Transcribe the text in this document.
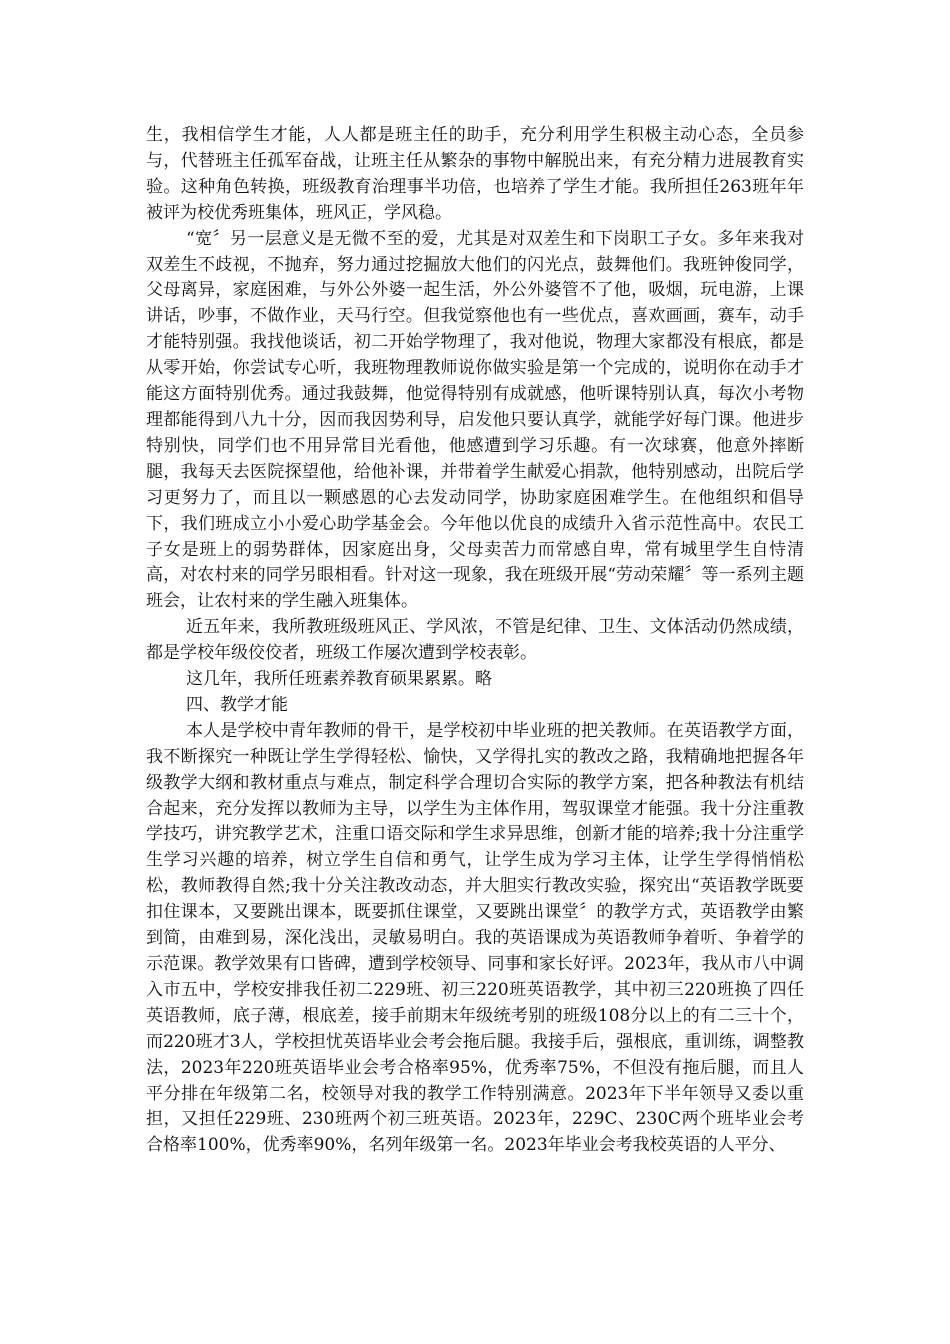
生，我相信学生才能，人人都是班主任的助手，充分利用学生积极主动心态，全员参与，代替班主任孤军奋战，让班主任从繁杂的事物中解脱出来，有充分精力进展教育实验。这种角色转换，班级教育治理事半功倍，也培养了学生才能。我所担任263班年年被评为校优秀班集体，班风正，学风稳。

“宽〞另一层意义是无微不至的爱，尤其是对双差生和下岗职工子女。多年来我对双差生不歧视，不抛弃，努力通过挖掘放大他们的闪光点，鼓舞他们。我班钟俊同学，父母离异，家庭困难，与外公外婆一起生活，外公外婆管不了他，吸烟，玩电游，上课讲话，吵事，不做作业，天马行空。但我觉察他也有一些优点，喜欢画画，赛车，动手才能特别强。我找他谈话，初二开始学物理了，我对他说，物理大家都没有根底，都是从零开始，你尝试专心听，我班物理教师说你做实验是第一个完成的，说明你在动手才能这方面特别优秀。通过我鼓舞，他觉得特别有成就感，他听课特别认真，每次小考物理都能得到八九十分，因而我因势利导，启发他只要认真学，就能学好每门课。他进步特别快，同学们也不用异常目光看他，他感遭到学习乐趣。有一次球赛，他意外摔断腿，我每天去医院探望他，给他补课，并带着学生献爱心捐款，他特别感动，出院后学习更努力了，而且以一颗感恩的心去发动同学，协助家庭困难学生。在他组织和倡导下，我们班成立小小爱心助学基金会。今年他以优良的成绩升入省示范性高中。农民工子女是班上的弱势群体，因家庭出身，父母卖苦力而常感自卑，常有城里学生自恃清高，对农村来的同学另眼相看。针对这一现象，我在班级开展“劳动荣耀〞等一系列主题班会，让农村来的学生融入班集体。

近五年来，我所教班级班风正、学风浓，不管是纪律、卫生、文体活动仍然成绩，都是学校年级佼佼者，班级工作屡次遭到学校表彰。

这几年，我所任班素养教育硕果累累。略

四、教学才能

本人是学校中青年教师的骨干，是学校初中毕业班的把关教师。在英语教学方面，我不断探究一种既让学生学得轻松、愉快，又学得扎实的教改之路，我精确地把握各年级教学大纲和教材重点与难点，制定科学合理切合实际的教学方案，把各种教法有机结合起来，充分发挥以教师为主导，以学生为主体作用，驾驭课堂才能强。我十分注重教学技巧，讲究教学艺术，注重口语交际和学生求异思维，创新才能的培养;我十分注重学生学习兴趣的培养，树立学生自信和勇气，让学生成为学习主体，让学生学得悄悄松松，教师教得自然;我十分关注教改动态，并大胆实行教改实验，探究出“英语教学既要扣住课本，又要跳出课本，既要抓住课堂，又要跳出课堂〞的教学方式，英语教学由繁到简，由难到易，深化浅出，灵敏易明白。我的英语课成为英语教师争着听、争着学的示范课。教学效果有口皆碑，遭到学校领导、同事和家长好评。2023年，我从市八中调入市五中，学校安排我任初二229班、初三220班英语教学，其中初三220班换了四任英语教师，底子薄，根底差，接手前期末年级统考别的班级108分以上的有二三十个，而220班才3人，学校担忧英语毕业会考会拖后腿。我接手后，强根底，重训练，调整教法，2023年220班英语毕业会考合格率95%，优秀率75%，不但没有拖后腿，而且人平分排在年级第二名，校领导对我的教学工作特别满意。2023年下半年领导又委以重担，又担任229班、230班两个初三班英语。2023年，229C、230C两个班毕业会考合格率100%，优秀率90%，名列年级第一名。2023年毕业会考我校英语的人平分、
